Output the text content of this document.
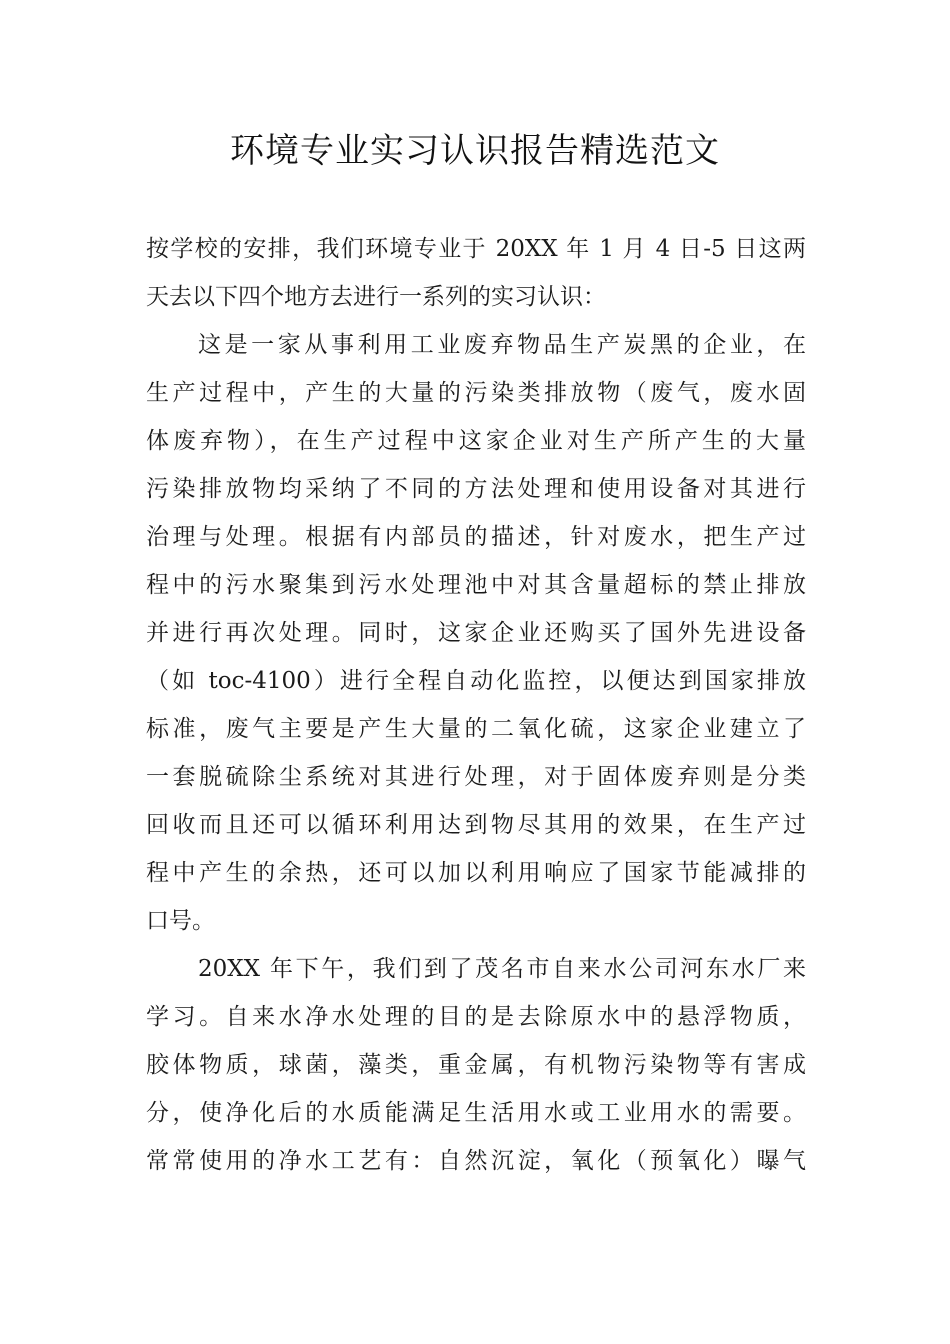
环境专业实习认识报告精选范文
按学校的安排，我们环境专业于 20XX 年 1 月 4 日-5 日这两
天去以下四个地方去进行一系列的实习认识：
这是一家从事利用工业废弃物品生产炭黑的企业，在
生产过程中，产生的大量的污染类排放物（废气，废水固
体废弃物），在生产过程中这家企业对生产所产生的大量
污染排放物均采纳了不同的方法处理和使用设备对其进行
治理与处理。根据有内部员的描述，针对废水，把生产过
程中的污水聚集到污水处理池中对其含量超标的禁止排放
并进行再次处理。同时，这家企业还购买了国外先进设备
（如 toc-4100）进行全程自动化监控，以便达到国家排放
标准，废气主要是产生大量的二氧化硫，这家企业建立了
一套脱硫除尘系统对其进行处理，对于固体废弃则是分类
回收而且还可以循环利用达到物尽其用的效果，在生产过
程中产生的余热，还可以加以利用响应了国家节能减排的
口号。
20XX 年下午，我们到了茂名市自来水公司河东水厂来
学习。自来水净水处理的目的是去除原水中的悬浮物质，
胶体物质，球菌，藻类，重金属，有机物污染物等有害成
分，使净化后的水质能满足生活用水或工业用水的需要。
常常使用的净水工艺有：自然沉淀，氧化（预氧化）曝气
